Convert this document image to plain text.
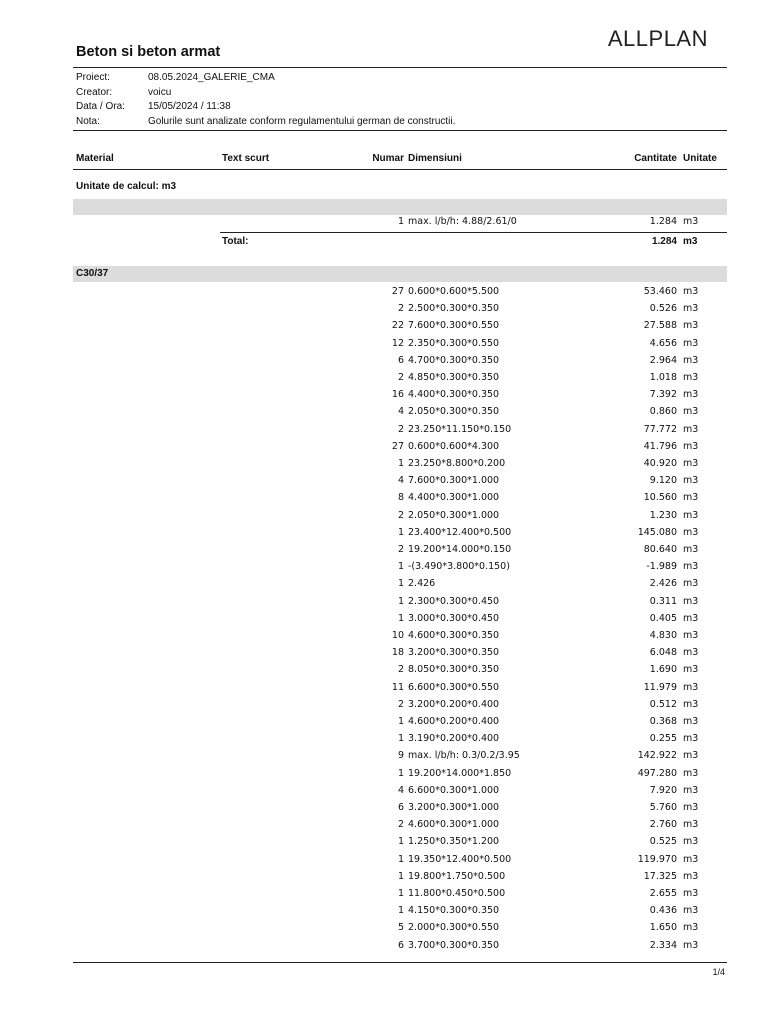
ALLPLAN
Beton si beton armat
Proiect:	08.05.2024_GALERIE_CMA
Creator:	voicu
Data / Ora:	15/05/2024 / 11:38
Nota:	Golurile sunt analizate conform regulamentului german de constructii.
Material	Text scurt	Numar Dimensiuni	Cantitate Unitate
Unitate de calcul: m3
1 max. l/b/h: 4.88/2.61/0	1.284 m3
Total:	1.284 m3
C30/37
27 0.600*0.600*5.500	53.460 m3
2 2.500*0.300*0.350	0.526 m3
22 7.600*0.300*0.550	27.588 m3
12 2.350*0.300*0.550	4.656 m3
6 4.700*0.300*0.350	2.964 m3
2 4.850*0.300*0.350	1.018 m3
16 4.400*0.300*0.350	7.392 m3
4 2.050*0.300*0.350	0.860 m3
2 23.250*11.150*0.150	77.772 m3
27 0.600*0.600*4.300	41.796 m3
1 23.250*8.800*0.200	40.920 m3
4 7.600*0.300*1.000	9.120 m3
8 4.400*0.300*1.000	10.560 m3
2 2.050*0.300*1.000	1.230 m3
1 23.400*12.400*0.500	145.080 m3
2 19.200*14.000*0.150	80.640 m3
1 -(3.490*3.800*0.150)	-1.989 m3
1 2.426	2.426 m3
1 2.300*0.300*0.450	0.311 m3
1 3.000*0.300*0.450	0.405 m3
10 4.600*0.300*0.350	4.830 m3
18 3.200*0.300*0.350	6.048 m3
2 8.050*0.300*0.350	1.690 m3
11 6.600*0.300*0.550	11.979 m3
2 3.200*0.200*0.400	0.512 m3
1 4.600*0.200*0.400	0.368 m3
1 3.190*0.200*0.400	0.255 m3
9 max. l/b/h: 0.3/0.2/3.95	142.922 m3
1 19.200*14.000*1.850	497.280 m3
4 6.600*0.300*1.000	7.920 m3
6 3.200*0.300*1.000	5.760 m3
2 4.600*0.300*1.000	2.760 m3
1 1.250*0.350*1.200	0.525 m3
1 19.350*12.400*0.500	119.970 m3
1 19.800*1.750*0.500	17.325 m3
1 11.800*0.450*0.500	2.655 m3
1 4.150*0.300*0.350	0.436 m3
5 2.000*0.300*0.550	1.650 m3
6 3.700*0.300*0.350	2.334 m3
1/4
